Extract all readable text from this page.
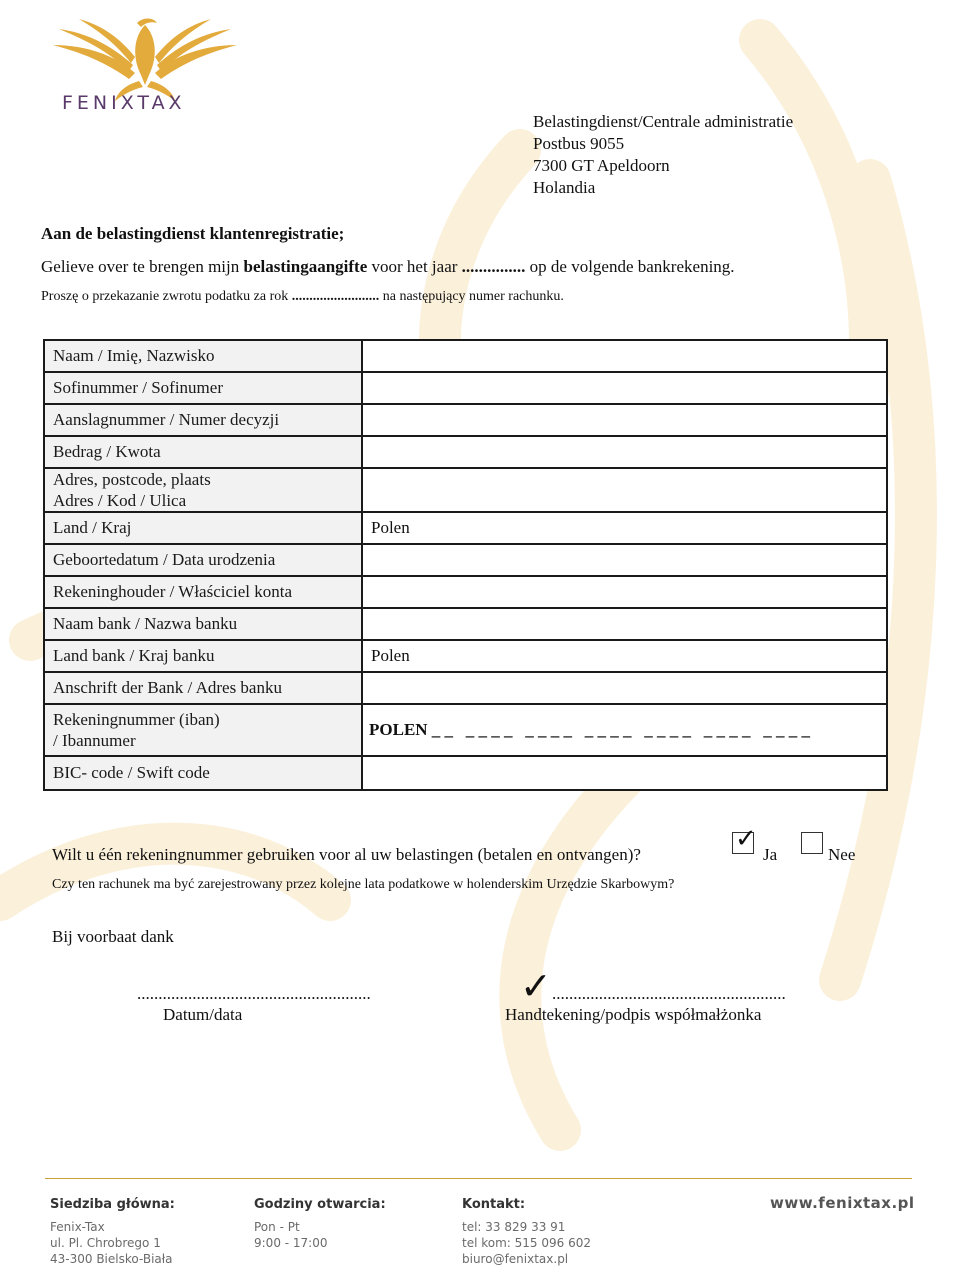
FENIXTAX
Belastingdienst/Centrale administratie
Postbus 9055
7300 GT Apeldoorn
Holandia
Aan de belastingdienst klantenregistratie;
Gelieve over te brengen mijn belastingaangifte voor het jaar ............... op de volgende bankrekening.
Proszę o przekazanie zwrotu podatku za rok ......................... na następujący numer rachunku.
Naam / Imię, Nazwisko	
Sofinummer / Sofinumer	
Aanslagnummer / Numer decyzji	
Bedrag / Kwota	

Adres, postcode, plaats
Adres / Kod / Ulica	

Land / Kraj	Polen
Geboortedatum / Data urodzenia	
Rekeninghouder / Właściciel konta	
Naam bank / Nazwa banku	
Land bank / Kraj banku	Polen
Anschrift der Bank / Adres banku	

Rekeningnummer (iban)
/ Ibannumer	POLEN _ _   _ _ _ _   _ _ _ _   _ _ _ _   _ _ _ _   _ _ _ _   _ _ _ _
BIC- code / Swift code	
Wilt u één rekeningnummer gebruiken voor al uw belastingen (betalen en ontvangen)?
✓
Ja	Nee
Czy ten rachunek ma być zarejestrowany przez kolejne lata podatkowe w holenderskim Urzędzie Skarbowym?
Bij voorbaat dank
.......................................................	✓ .......................................................
Datum/data	Handtekening/podpis współmałżonka
Siedziba główna:
Fenix-Tax
ul. Pl. Chrobrego 1
43-300 Bielsko-Biała
Godziny otwarcia:
Pon - Pt
9:00 - 17:00
Kontakt:
tel: 33 829 33 91
tel kom: 515 096 602
biuro@fenixtax.pl
www.fenixtax.pl
